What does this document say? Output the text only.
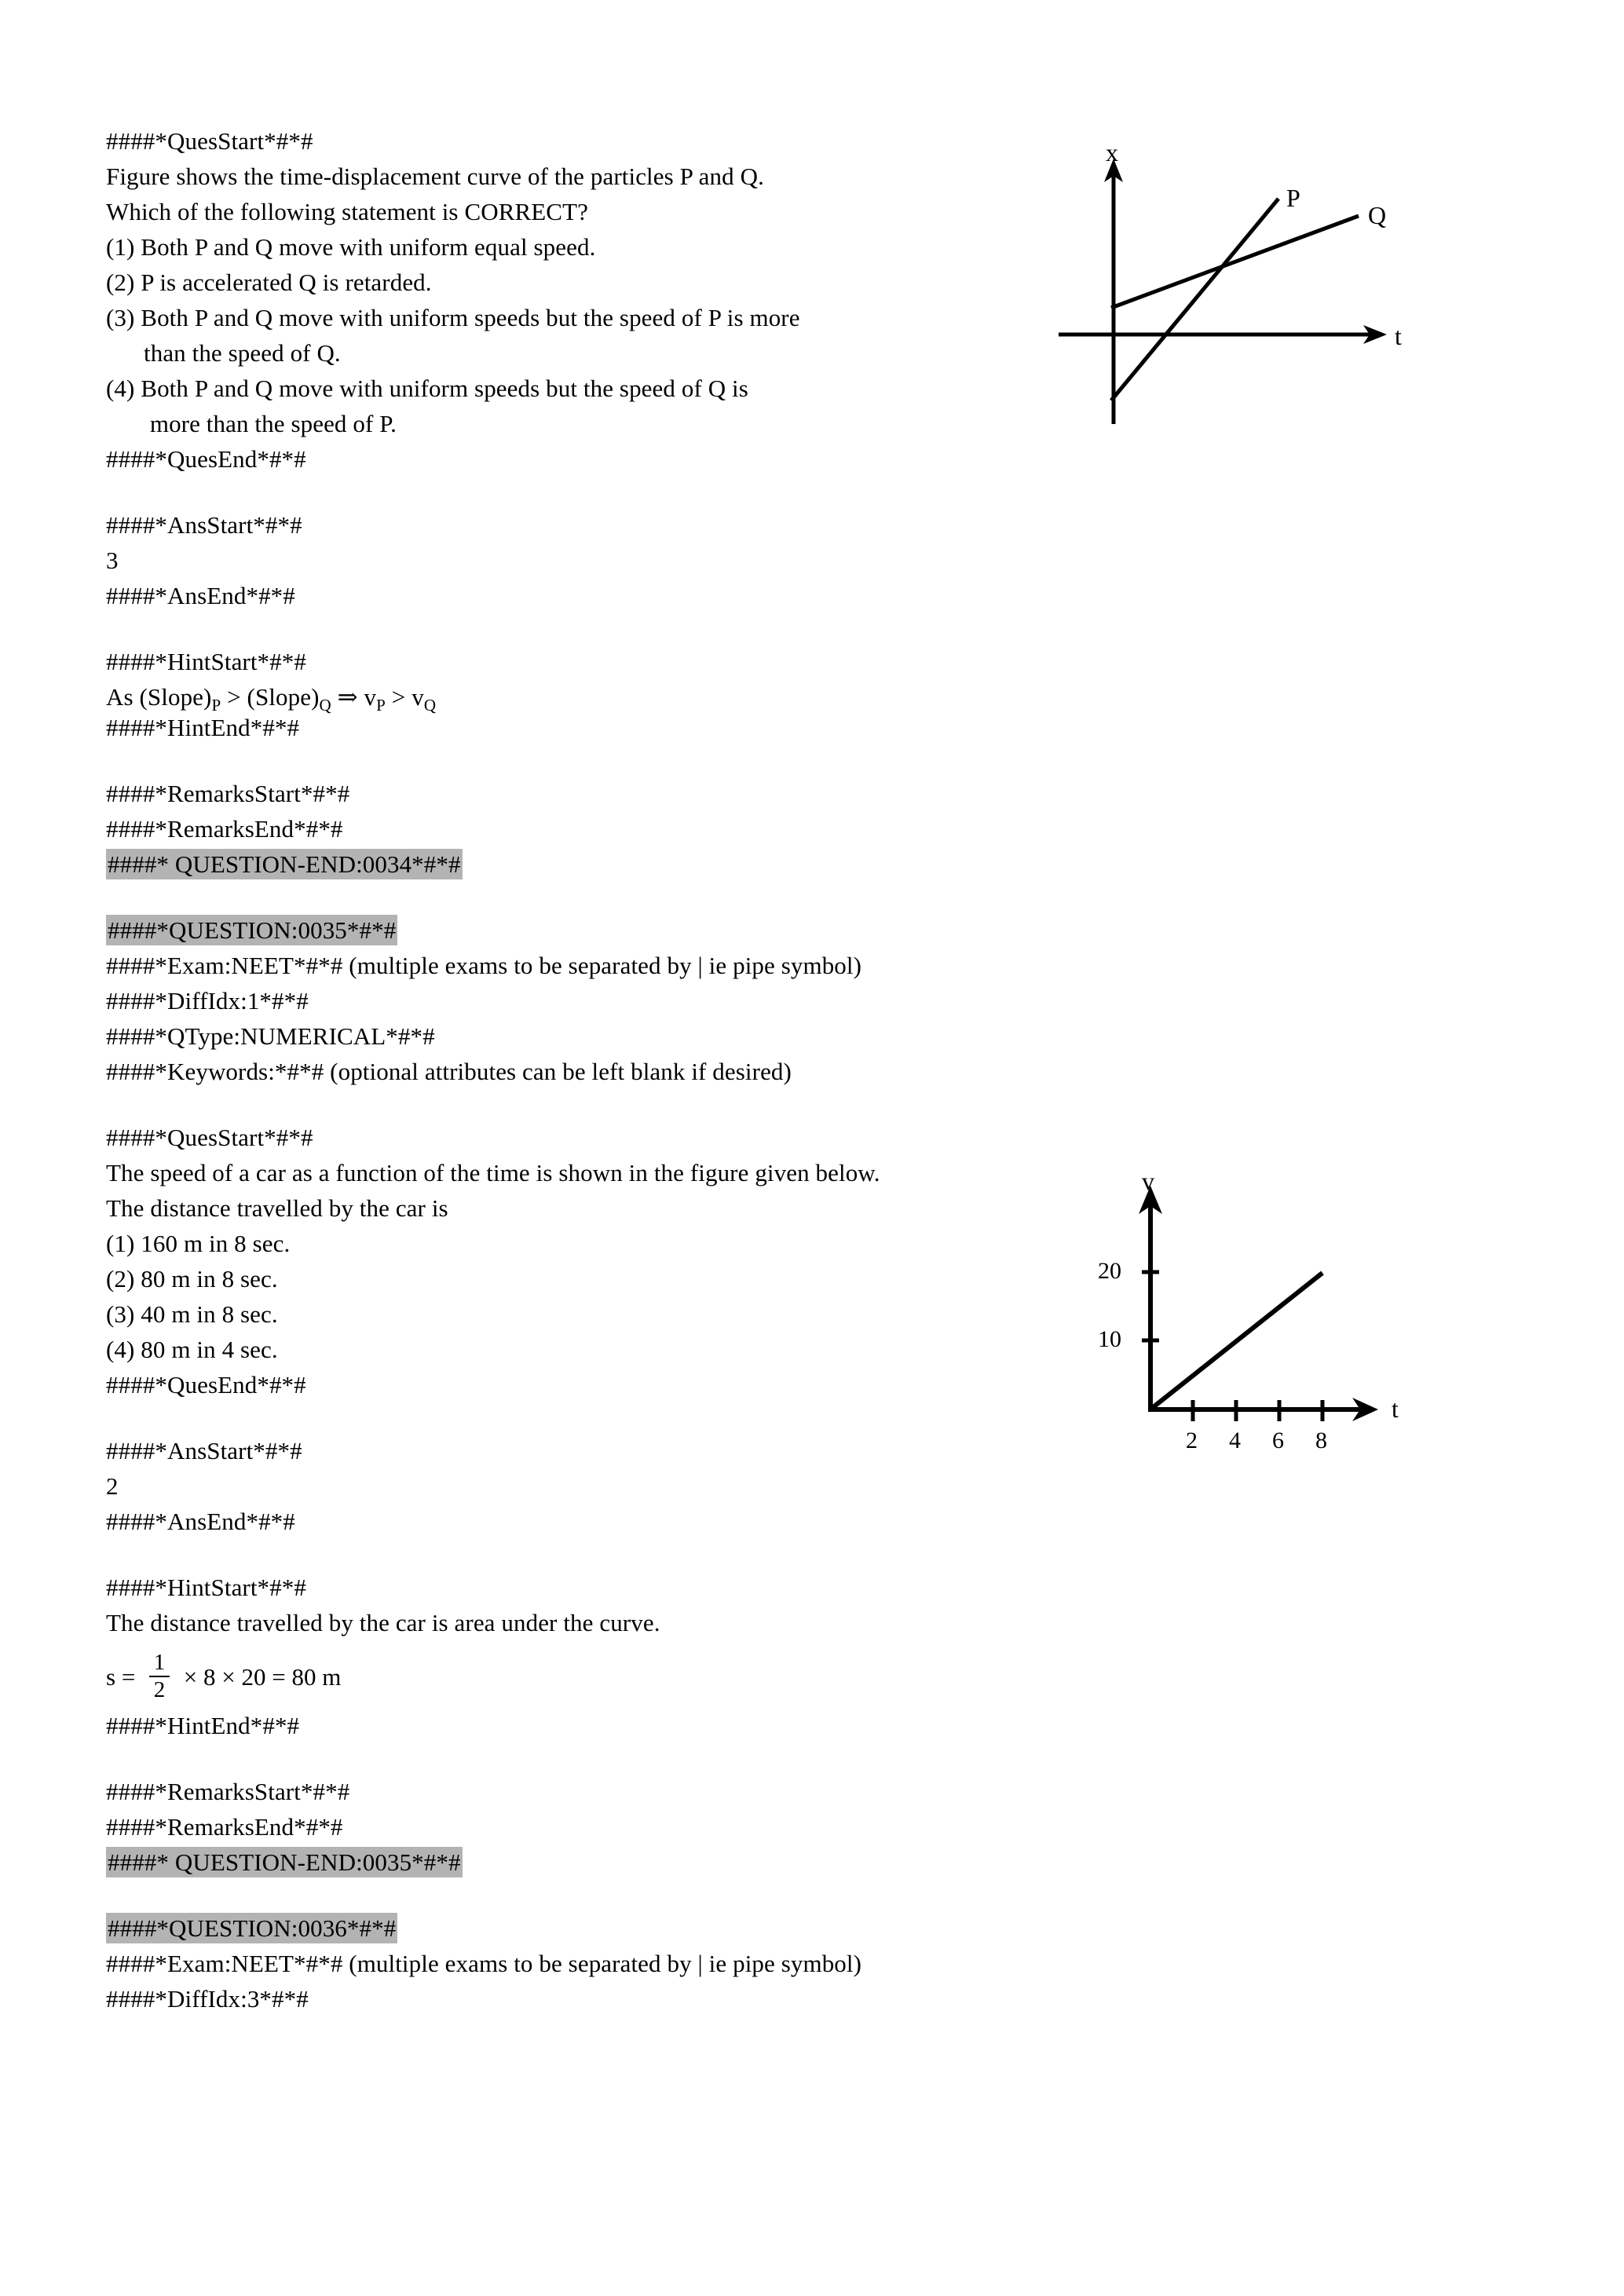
####*QuesStart*#*#
Figure shows the time-displacement curve of the particles P and Q.
Which of the following statement is CORRECT?
(1) Both P and Q move with uniform equal speed.
(2) P is accelerated Q is retarded.
(3) Both P and Q move with uniform speeds but the speed of P is more
than the speed of Q.
(4) Both P and Q move with uniform speeds but the speed of Q is
more than the speed of P.
####*QuesEnd*#*#
####*AnsStart*#*#
3
####*AnsEnd*#*#
####*HintStart*#*#
As $(Slope)_P$ > $(Slope)_Q$ ⇒ $v_P > v_Q$
####*HintEnd*#*#
####*RemarksStart*#*#
####*RemarksEnd*#*#
####* QUESTION-END:0034*#*#
####*QUESTION:0035*#*#
####*Exam:NEET*#*# (multiple exams to be separated by | ie pipe symbol)
####*DiffIdx:1*#*#
####*QType:NUMERICAL*#*#
####*Keywords:*#*# (optional attributes can be left blank if desired)
####*QuesStart*#*#
The speed of a car as a function of the time is shown in the figure given below.
The distance travelled by the car is
(1) 160 m in 8 sec.
(2) 80 m in 8 sec.
(3) 40 m in 8 sec.
(4) 80 m in 4 sec.
####*QuesEnd*#*#
####*AnsStart*#*#
2
####*AnsEnd*#*#
####*HintStart*#*#
The distance travelled by the car is area under the curve.
$s = \frac{1}{2} \times 8 \times 20 = 80$ m
####*HintEnd*#*#
####*RemarksStart*#*#
####*RemarksEnd*#*#
####* QUESTION-END:0035*#*#
####*QUESTION:0036*#*#
####*Exam:NEET*#*# (multiple exams to be separated by | ie pipe symbol)
####*DiffIdx:3*#*#
x
t
P
Q
v
t
20
10
2 4 6 8
